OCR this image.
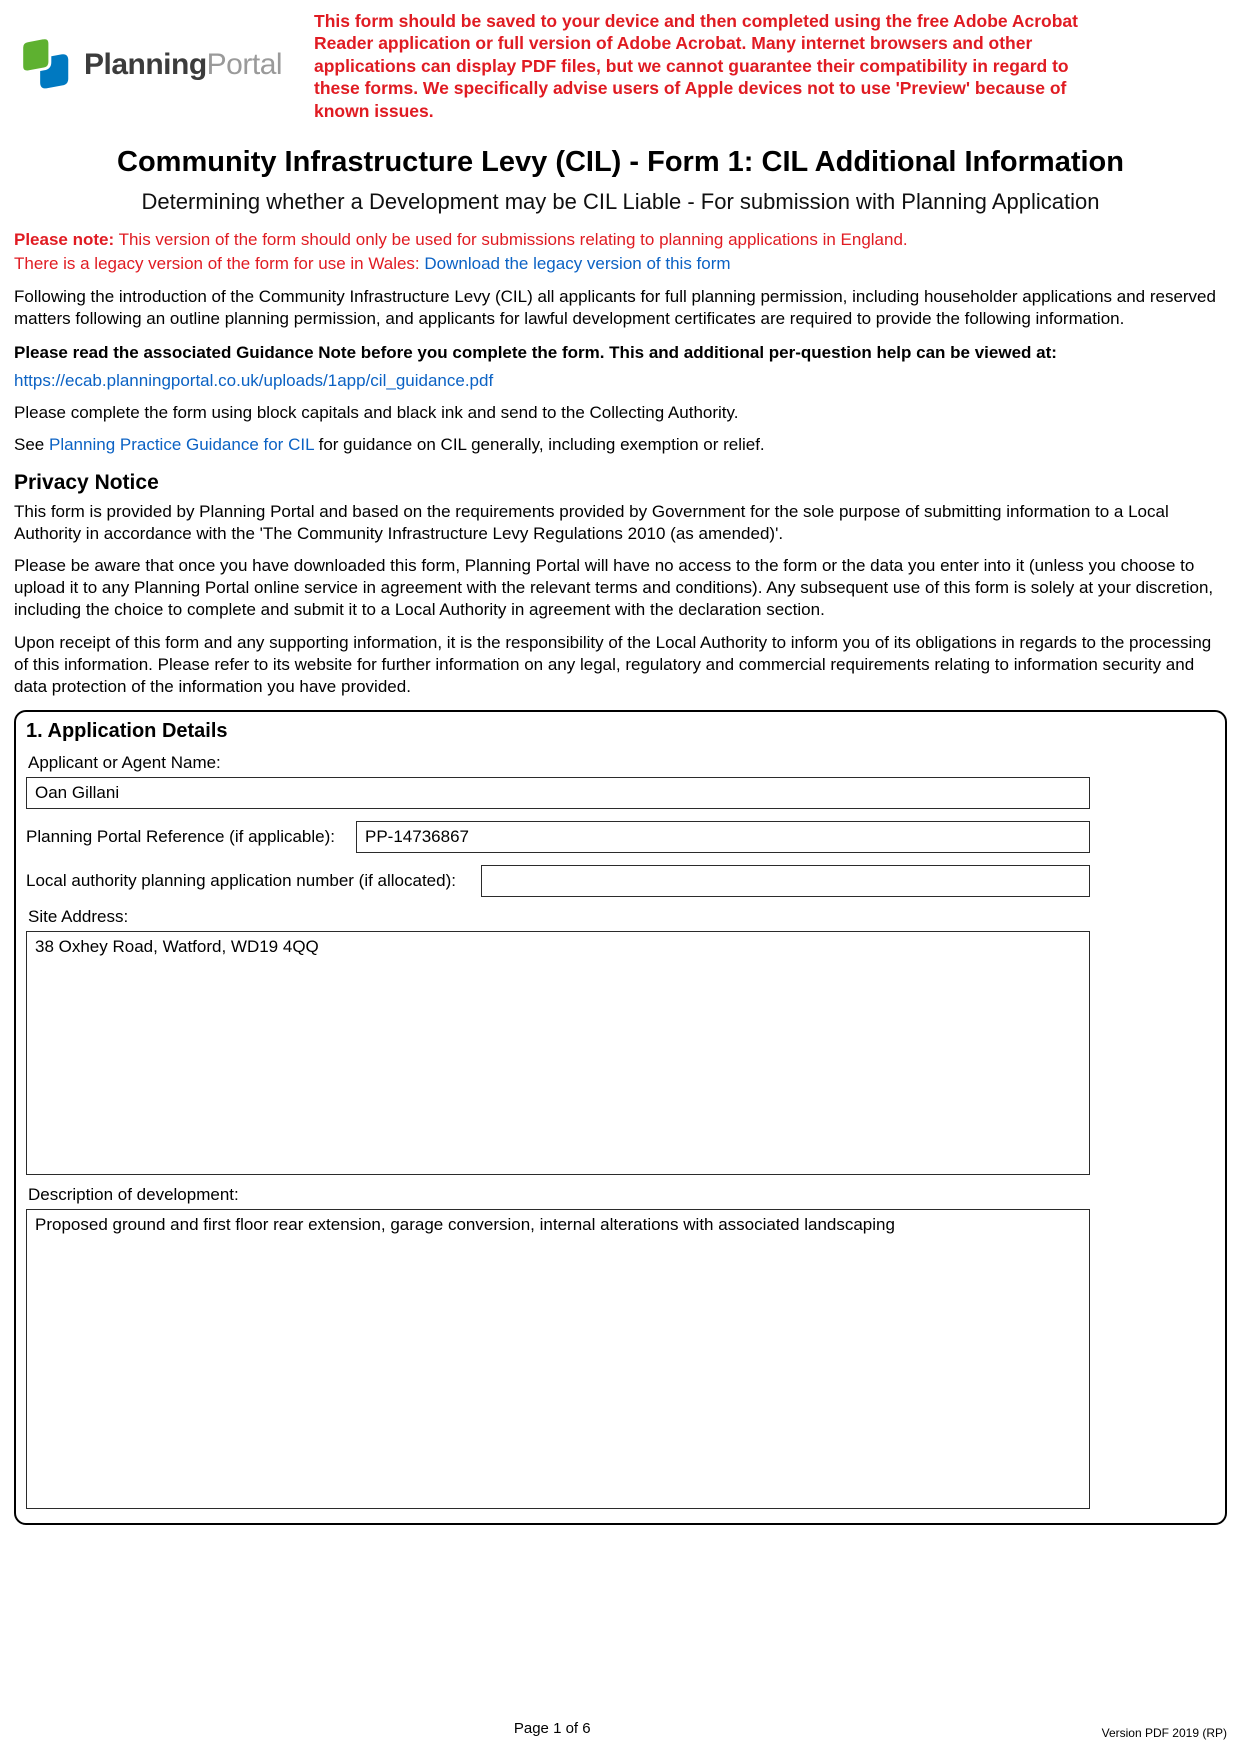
PlanningPortal

This form should be saved to your device and then completed using the free Adobe Acrobat Reader application or full version of Adobe Acrobat. Many internet browsers and other applications can display PDF files, but we cannot guarantee their compatibility in regard to these forms. We specifically advise users of Apple devices not to use 'Preview' because of known issues.

Community Infrastructure Levy (CIL) - Form 1: CIL Additional Information
Determining whether a Development may be CIL Liable - For submission with Planning Application

Please note: This version of the form should only be used for submissions relating to planning applications in England.
There is a legacy version of the form for use in Wales: Download the legacy version of this form

Following the introduction of the Community Infrastructure Levy (CIL) all applicants for full planning permission, including householder applications and reserved matters following an outline planning permission, and applicants for lawful development certificates are required to provide the following information.

Please read the associated Guidance Note before you complete the form. This and additional per-question help can be viewed at:

https://ecab.planningportal.co.uk/uploads/1app/cil_guidance.pdf

Please complete the form using block capitals and black ink and send to the Collecting Authority.

See Planning Practice Guidance for CIL for guidance on CIL generally, including exemption or relief.

Privacy Notice

This form is provided by Planning Portal and based on the requirements provided by Government for the sole purpose of submitting information to a Local Authority in accordance with the 'The Community Infrastructure Levy Regulations 2010 (as amended)'.

Please be aware that once you have downloaded this form, Planning Portal will have no access to the form or the data you enter into it (unless you choose to upload it to any Planning Portal online service in agreement with the relevant terms and conditions). Any subsequent use of this form is solely at your discretion, including the choice to complete and submit it to a Local Authority in agreement with the declaration section.

Upon receipt of this form and any supporting information, it is the responsibility of the Local Authority to inform you of its obligations in regards to the processing of this information. Please refer to its website for further information on any legal, regulatory and commercial requirements relating to information security and data protection of the information you have provided.

1. Application Details
Applicant or Agent Name:
Oan Gillani
Planning Portal Reference (if applicable):
PP-14736867
Local authority planning application number (if allocated):
Site Address:
38 Oxhey Road, Watford, WD19 4QQ
Description of development:
Proposed ground and first floor rear extension, garage conversion, internal alterations with associated landscaping
Page 1 of 6	Version PDF 2019 (RP)
